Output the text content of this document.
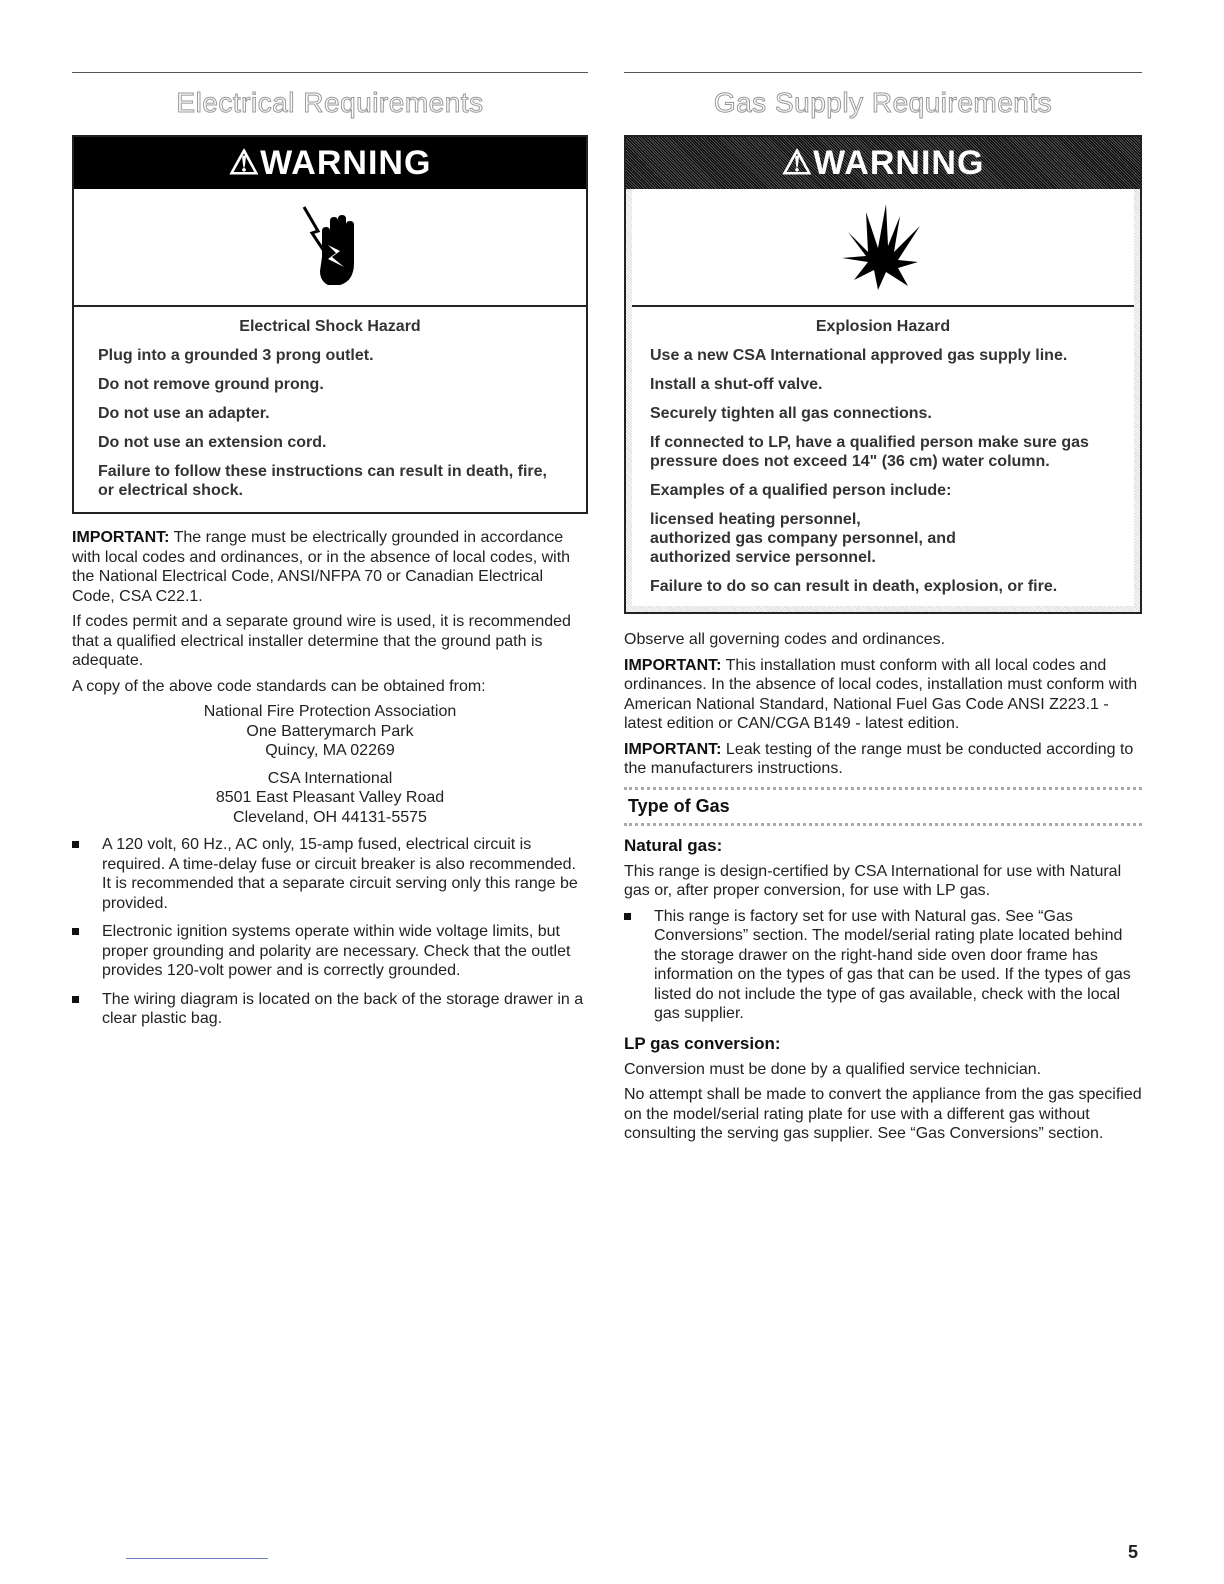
Electrical Requirements
⚠WARNING

Electrical Shock Hazard

Plug into a grounded 3 prong outlet.

Do not remove ground prong.

Do not use an adapter.

Do not use an extension cord.

Failure to follow these instructions can result in death, fire, or electrical shock.

IMPORTANT: The range must be electrically grounded in accordance with local codes and ordinances, or in the absence of local codes, with the National Electrical Code, ANSI/NFPA 70 or Canadian Electrical Code, CSA C22.1.

If codes permit and a separate ground wire is used, it is recommended that a qualified electrical installer determine that the ground path is adequate.

A copy of the above code standards can be obtained from:

National Fire Protection Association
One Batterymarch Park
Quincy, MA 02269
CSA International
8501 East Pleasant Valley Road
Cleveland, OH 44131-5575
A 120 volt, 60 Hz., AC only, 15-amp fused, electrical circuit is required. A time-delay fuse or circuit breaker is also recommended. It is recommended that a separate circuit serving only this range be provided.
Electronic ignition systems operate within wide voltage limits, but proper grounding and polarity are necessary. Check that the outlet provides 120-volt power and is correctly grounded.
The wiring diagram is located on the back of the storage drawer in a clear plastic bag.
Gas Supply Requirements
⚠WARNING

Explosion Hazard

Use a new CSA International approved gas supply line.

Install a shut-off valve.

Securely tighten all gas connections.

If connected to LP, have a qualified person make sure gas pressure does not exceed 14" (36 cm) water column.

Examples of a qualified person include:

licensed heating personnel,

authorized gas company personnel, and

authorized service personnel.

Failure to do so can result in death, explosion, or fire.

Observe all governing codes and ordinances.

IMPORTANT: This installation must conform with all local codes and ordinances. In the absence of local codes, installation must conform with American National Standard, National Fuel Gas Code ANSI Z223.1 - latest edition or CAN/CGA B149 - latest edition.

IMPORTANT: Leak testing of the range must be conducted according to the manufacturers instructions.

Type of Gas
Natural gas:

This range is design-certified by CSA International for use with Natural gas or, after proper conversion, for use with LP gas.

This range is factory set for use with Natural gas. See “Gas Conversions” section. The model/serial rating plate located behind the storage drawer on the right-hand side oven door frame has information on the types of gas that can be used. If the types of gas listed do not include the type of gas available, check with the local gas supplier.
LP gas conversion:

Conversion must be done by a qualified service technician.

No attempt shall be made to convert the appliance from the gas specified on the model/serial rating plate for use with a different gas without consulting the serving gas supplier. See “Gas Conversions” section.

5
